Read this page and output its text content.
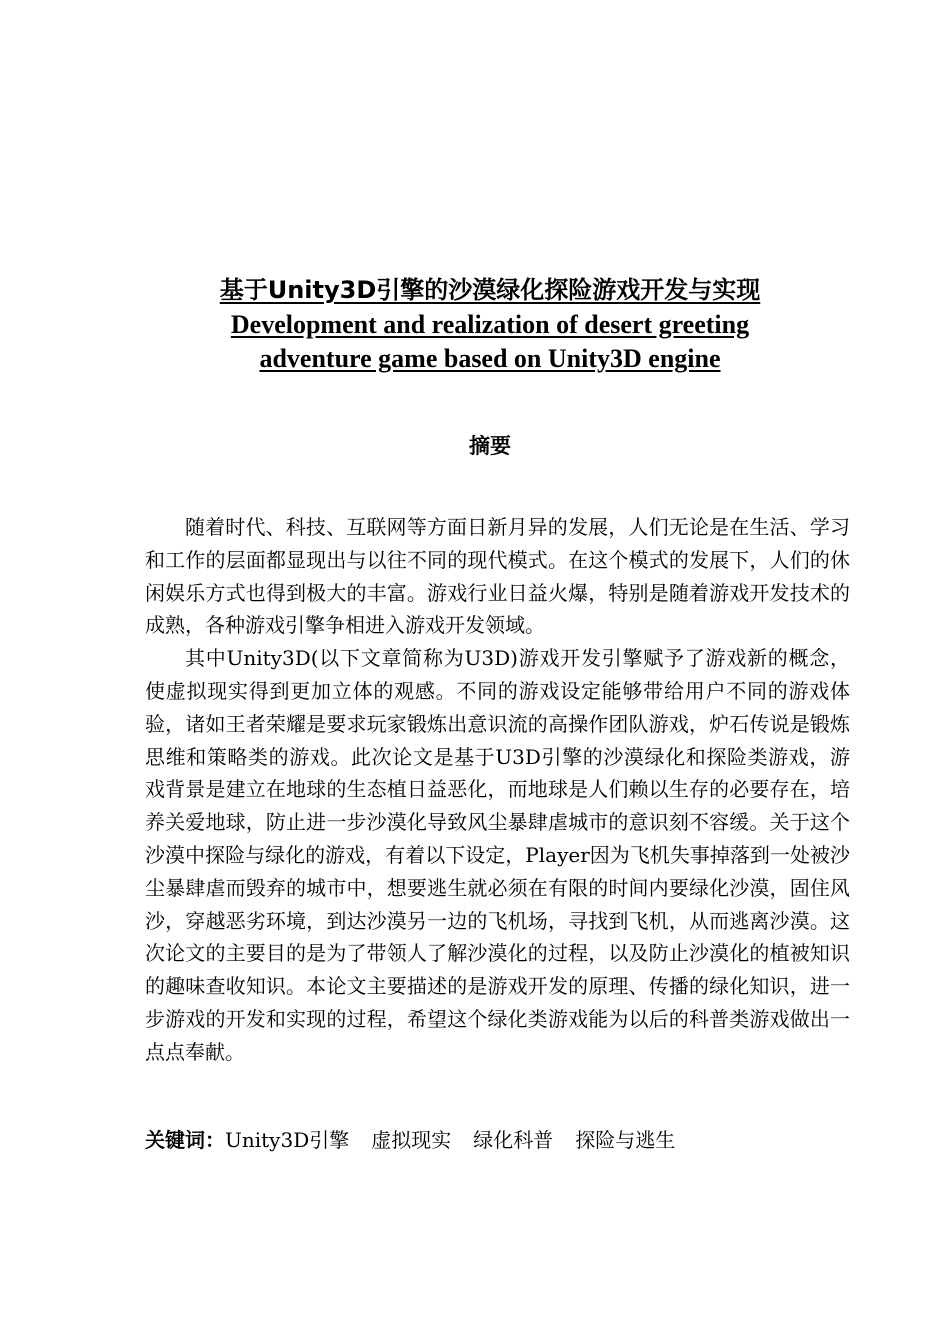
基于Unity3D引擎的沙漠绿化探险游戏开发与实现

Development and realization of desert greeting

adventure game based on Unity3D engine

摘要

随着时代、科技、互联网等方面日新月异的发展，人们无论是在生活、学习和工作的层面都显现出与以往不同的现代模式。在这个模式的发展下，人们的休闲娱乐方式也得到极大的丰富。游戏行业日益火爆，特别是随着游戏开发技术的成熟，各种游戏引擎争相进入游戏开发领域。

其中Unity3D(以下文章简称为U3D)游戏开发引擎赋予了游戏新的概念，使虚拟现实得到更加立体的观感。不同的游戏设定能够带给用户不同的游戏体验，诸如王者荣耀是要求玩家锻炼出意识流的高操作团队游戏，炉石传说是锻炼思维和策略类的游戏。此次论文是基于U3D引擎的沙漠绿化和探险类游戏，游戏背景是建立在地球的生态植日益恶化，而地球是人们赖以生存的必要存在，培养关爱地球，防止进一步沙漠化导致风尘暴肆虐城市的意识刻不容缓。关于这个沙漠中探险与绿化的游戏，有着以下设定，Player因为飞机失事掉落到一处被沙尘暴肆虐而毁弃的城市中，想要逃生就必须在有限的时间内要绿化沙漠，固住风沙，穿越恶劣环境，到达沙漠另一边的飞机场，寻找到飞机，从而逃离沙漠。这次论文的主要目的是为了带领人了解沙漠化的过程，以及防止沙漠化的植被知识的趣味查收知识。本论文主要描述的是游戏开发的原理、传播的绿化知识，进一步游戏的开发和实现的过程，希望这个绿化类游戏能为以后的科普类游戏做出一点点奉献。

关键词：Unity3D引擎 虚拟现实 绿化科普 探险与逃生
